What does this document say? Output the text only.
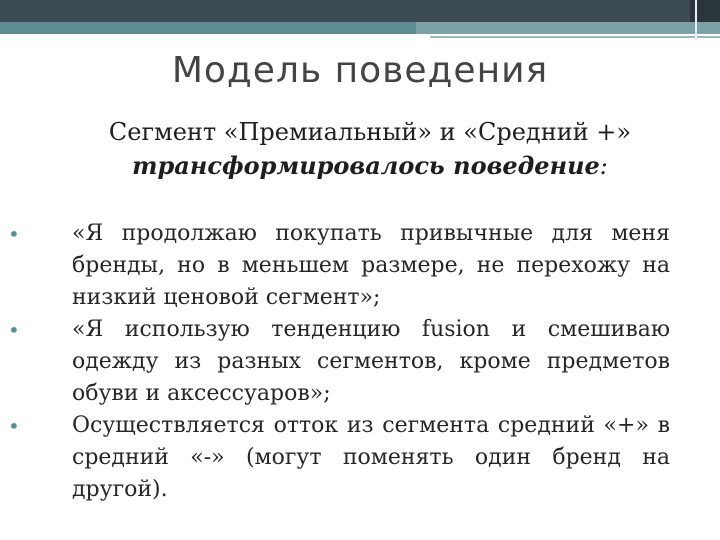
Модель поведения
Сегмент «Премиальный» и «Средний +»
трансформировалось поведение:
• «Я продолжаю покупать привычные для меня бренды, но в меньшем размере, не перехожу на низкий ценовой сегмент»;
• «Я использую тенденцию fusion и смешиваю одежду из разных сегментов, кроме предметов обуви и аксессуаров»;
• Осуществляется отток из сегмента средний «+» в средний «-» (могут поменять один бренд на другой).
